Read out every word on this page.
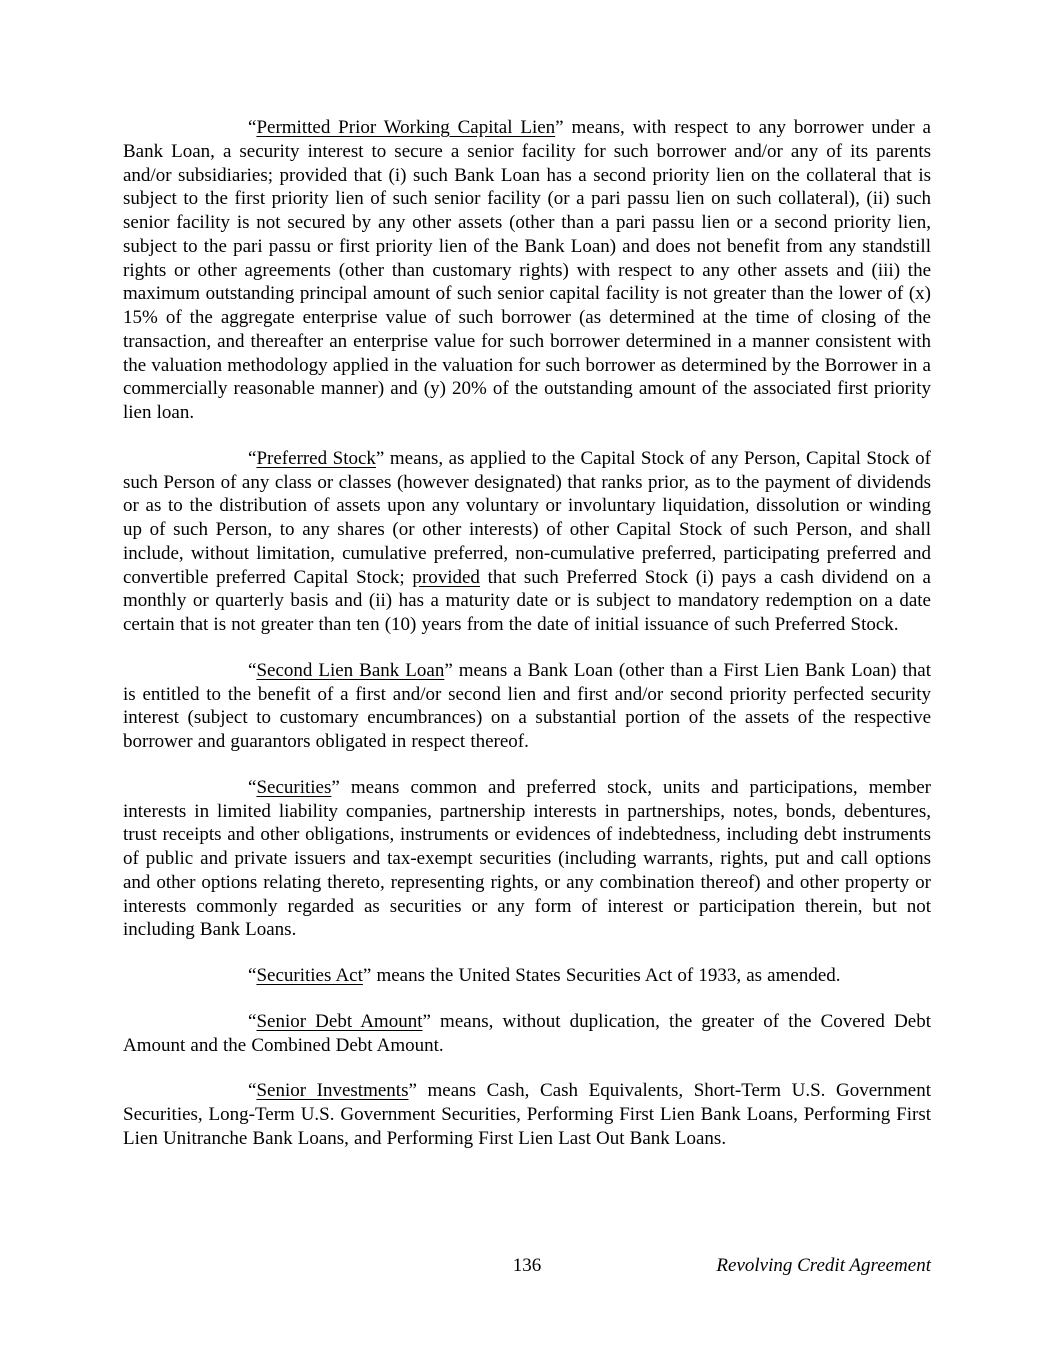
“Permitted Prior Working Capital Lien” means, with respect to any borrower under a Bank Loan, a security interest to secure a senior facility for such borrower and/or any of its parents and/or subsidiaries; provided that (i) such Bank Loan has a second priority lien on the collateral that is subject to the first priority lien of such senior facility (or a pari passu lien on such collateral), (ii) such senior facility is not secured by any other assets (other than a pari passu lien or a second priority lien, subject to the pari passu or first priority lien of the Bank Loan) and does not benefit from any standstill rights or other agreements (other than customary rights) with respect to any other assets and (iii) the maximum outstanding principal amount of such senior capital facility is not greater than the lower of (x) 15% of the aggregate enterprise value of such borrower (as determined at the time of closing of the transaction, and thereafter an enterprise value for such borrower determined in a manner consistent with the valuation methodology applied in the valuation for such borrower as determined by the Borrower in a commercially reasonable manner) and (y) 20% of the outstanding amount of the associated first priority lien loan.

“Preferred Stock” means, as applied to the Capital Stock of any Person, Capital Stock of such Person of any class or classes (however designated) that ranks prior, as to the payment of dividends or as to the distribution of assets upon any voluntary or involuntary liquidation, dissolution or winding up of such Person, to any shares (or other interests) of other Capital Stock of such Person, and shall include, without limitation, cumulative preferred, non-cumulative preferred, participating preferred and convertible preferred Capital Stock; provided that such Preferred Stock (i) pays a cash dividend on a monthly or quarterly basis and (ii) has a maturity date or is subject to mandatory redemption on a date certain that is not greater than ten (10) years from the date of initial issuance of such Preferred Stock.

“Second Lien Bank Loan” means a Bank Loan (other than a First Lien Bank Loan) that is entitled to the benefit of a first and/or second lien and first and/or second priority perfected security interest (subject to customary encumbrances) on a substantial portion of the assets of the respective borrower and guarantors obligated in respect thereof.

“Securities” means common and preferred stock, units and participations, member interests in limited liability companies, partnership interests in partnerships, notes, bonds, debentures, trust receipts and other obligations, instruments or evidences of indebtedness, including debt instruments of public and private issuers and tax-exempt securities (including warrants, rights, put and call options and other options relating thereto, representing rights, or any combination thereof) and other property or interests commonly regarded as securities or any form of interest or participation therein, but not including Bank Loans.

“Securities Act” means the United States Securities Act of 1933, as amended.

“Senior Debt Amount” means, without duplication, the greater of the Covered Debt Amount and the Combined Debt Amount.

“Senior Investments” means Cash, Cash Equivalents, Short-Term U.S. Government Securities, Long-Term U.S. Government Securities, Performing First Lien Bank Loans, Performing First Lien Unitranche Bank Loans, and Performing First Lien Last Out Bank Loans.

136	Revolving Credit Agreement
